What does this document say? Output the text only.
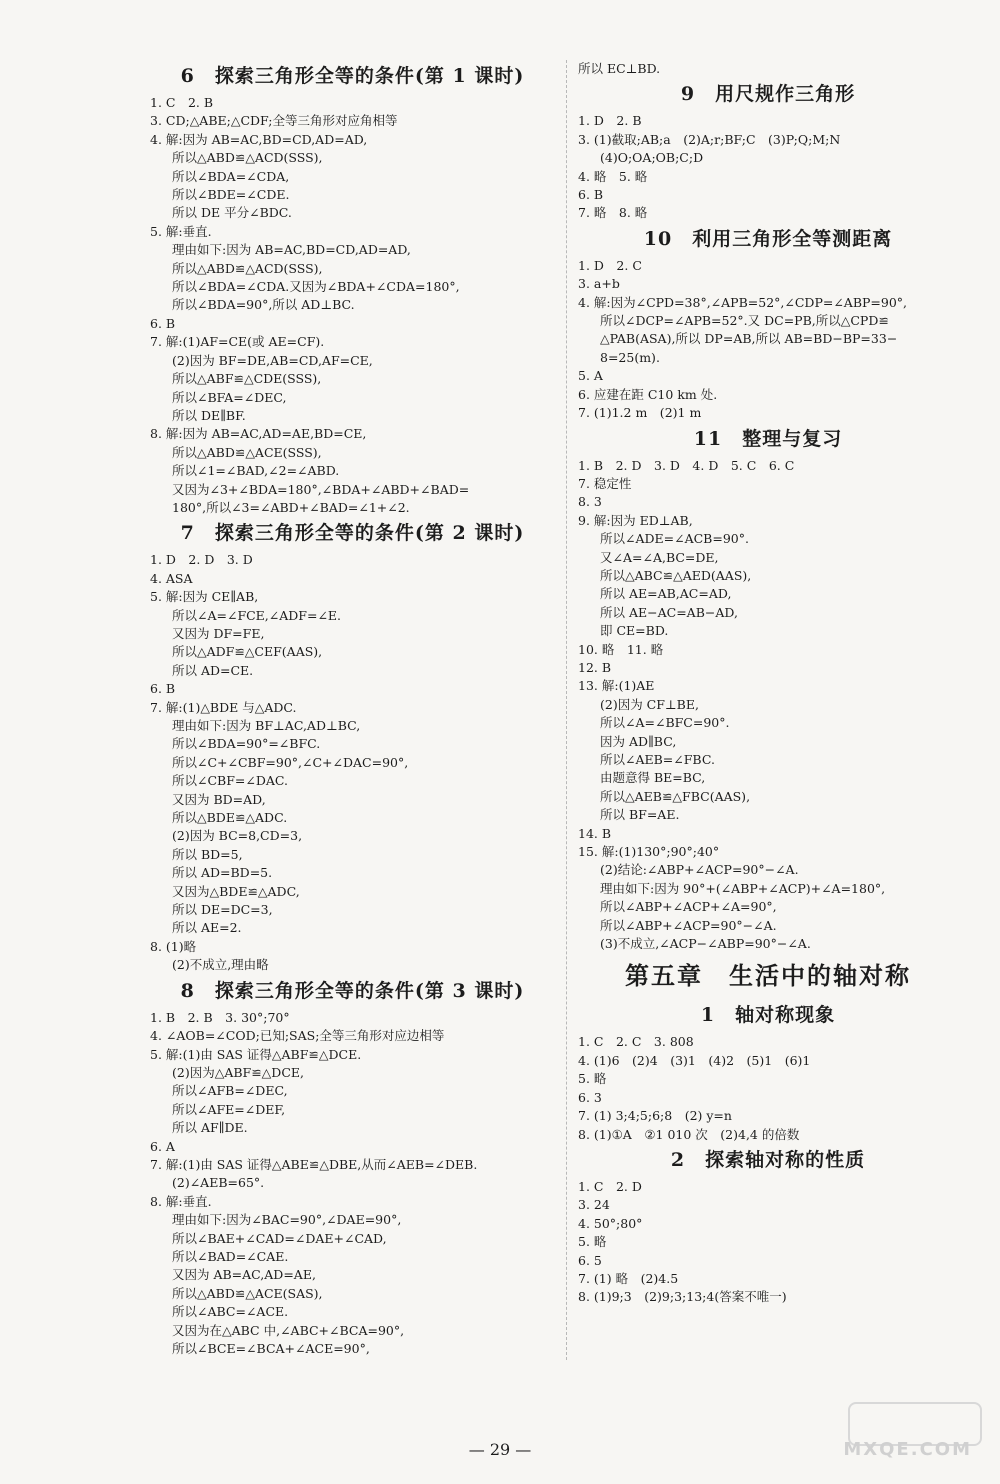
6　探索三角形全等的条件(第 1 课时)
1. C　2. B
3. CD;△ABE;△CDF;全等三角形对应角相等
4. 解:因为 AB=AC,BD=CD,AD=AD,
所以△ABD≌△ACD(SSS),
所以∠BDA=∠CDA,
所以∠BDE=∠CDE.
所以 DE 平分∠BDC.
5. 解:垂直.
理由如下:因为 AB=AC,BD=CD,AD=AD,
所以△ABD≌△ACD(SSS),
所以∠BDA=∠CDA.又因为∠BDA+∠CDA=180°,
所以∠BDA=90°,所以 AD⊥BC.
6. B
7. 解:(1)AF=CE(或 AE=CF).
(2)因为 BF=DE,AB=CD,AF=CE,
所以△ABF≌△CDE(SSS),
所以∠BFA=∠DEC,
所以 DE∥BF.
8. 解:因为 AB=AC,AD=AE,BD=CE,
所以△ABD≌△ACE(SSS),
所以∠1=∠BAD,∠2=∠ABD.
又因为∠3+∠BDA=180°,∠BDA+∠ABD+∠BAD=
180°,所以∠3=∠ABD+∠BAD=∠1+∠2.
7　探索三角形全等的条件(第 2 课时)
1. D　2. D　3. D
4. ASA
5. 解:因为 CE∥AB,
所以∠A=∠FCE,∠ADF=∠E.
又因为 DF=FE,
所以△ADF≌△CEF(AAS),
所以 AD=CE.
6. B
7. 解:(1)△BDE 与△ADC.
理由如下:因为 BF⊥AC,AD⊥BC,
所以∠BDA=90°=∠BFC.
所以∠C+∠CBF=90°,∠C+∠DAC=90°,
所以∠CBF=∠DAC.
又因为 BD=AD,
所以△BDE≌△ADC.
(2)因为 BC=8,CD=3,
所以 BD=5,
所以 AD=BD=5.
又因为△BDE≌△ADC,
所以 DE=DC=3,
所以 AE=2.
8. (1)略
(2)不成立,理由略
8　探索三角形全等的条件(第 3 课时)
1. B　2. B　3. 30°;70°
4. ∠AOB=∠COD;已知;SAS;全等三角形对应边相等
5. 解:(1)由 SAS 证得△ABF≌△DCE.
(2)因为△ABF≌△DCE,
所以∠AFB=∠DEC,
所以∠AFE=∠DEF,
所以 AF∥DE.
6. A
7. 解:(1)由 SAS 证得△ABE≌△DBE,从而∠AEB=∠DEB.
(2)∠AEB=65°.
8. 解:垂直.
理由如下:因为∠BAC=90°,∠DAE=90°,
所以∠BAE+∠CAD=∠DAE+∠CAD,
所以∠BAD=∠CAE.
又因为 AB=AC,AD=AE,
所以△ABD≌△ACE(SAS),
所以∠ABC=∠ACE.
又因为在△ABC 中,∠ABC+∠BCA=90°,
所以∠BCE=∠BCA+∠ACE=90°,
所以 EC⊥BD.
9　用尺规作三角形
1. D　2. B
3. (1)截取;AB;a　(2)A;r;BF;C　(3)P;Q;M;N
(4)O;OA;OB;C;D
4. 略　5. 略
6. B
7. 略　8. 略
10　利用三角形全等测距离
1. D　2. C
3. a+b
4. 解:因为∠CPD=38°,∠APB=52°,∠CDP=∠ABP=90°,
所以∠DCP=∠APB=52°.又 DC=PB,所以△CPD≌
△PAB(ASA),所以 DP=AB,所以 AB=BD−BP=33−
8=25(m).
5. A
6. 应建在距 C10 km 处.
7. (1)1.2 m　(2)1 m
11　整理与复习
1. B　2. D　3. D　4. D　5. C　6. C
7. 稳定性
8. 3
9. 解:因为 ED⊥AB,
所以∠ADE=∠ACB=90°.
又∠A=∠A,BC=DE,
所以△ABC≌△AED(AAS),
所以 AE=AB,AC=AD,
所以 AE−AC=AB−AD,
即 CE=BD.
10. 略　11. 略
12. B
13. 解:(1)AE
(2)因为 CF⊥BE,
所以∠A=∠BFC=90°.
因为 AD∥BC,
所以∠AEB=∠FBC.
由题意得 BE=BC,
所以△AEB≌△FBC(AAS),
所以 BF=AE.
14. B
15. 解:(1)130°;90°;40°
(2)结论:∠ABP+∠ACP=90°−∠A.
理由如下:因为 90°+(∠ABP+∠ACP)+∠A=180°,
所以∠ABP+∠ACP+∠A=90°,
所以∠ABP+∠ACP=90°−∠A.
(3)不成立,∠ACP−∠ABP=90°−∠A.
第五章　生活中的轴对称
1　轴对称现象
1. C　2. C　3. 808
4. (1)6　(2)4　(3)1　(4)2　(5)1　(6)1
5. 略
6. 3
7. (1) 3;4;5;6;8　(2) y=n
8. (1)①A　②1 010 次　(2)4,4 的倍数
2　探索轴对称的性质
1. C　2. D
3. 24
4. 50°;80°
5. 略
6. 5
7. (1) 略　(2)4.5
8. (1)9;3　(2)9;3;13;4(答案不唯一)
— 29 —	MXQE.COM
